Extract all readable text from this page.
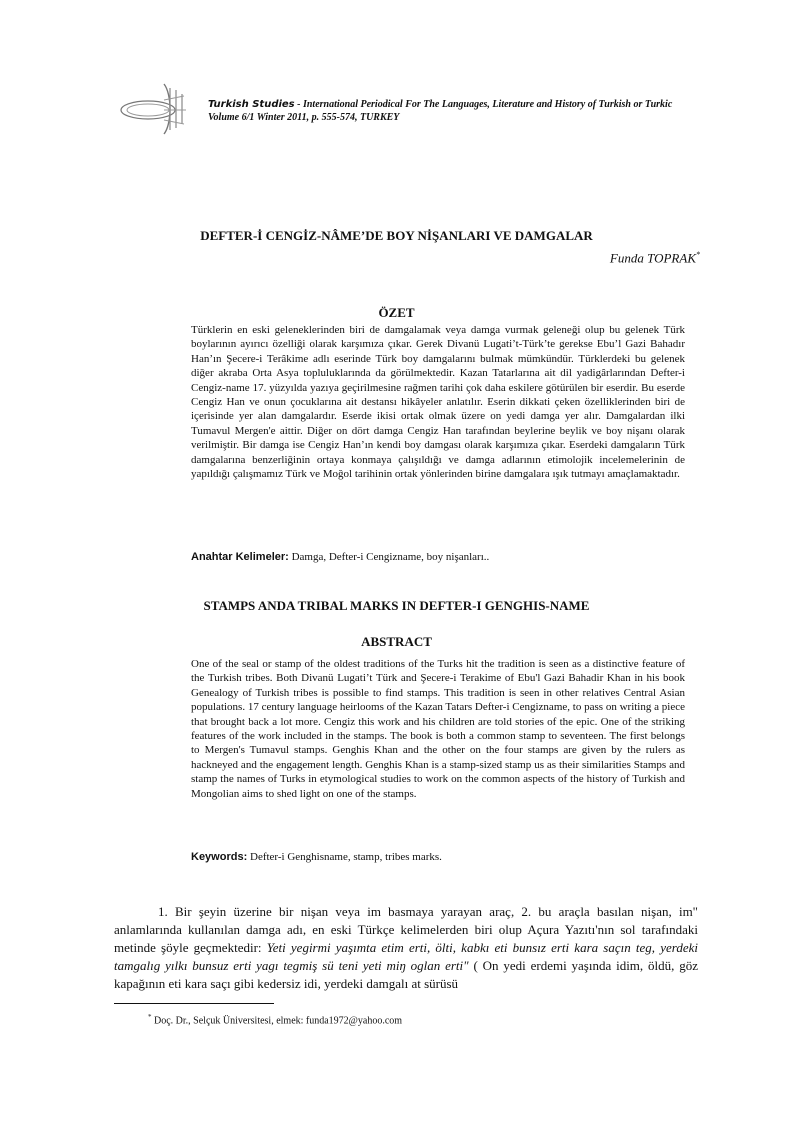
Turkish Studies - International Periodical For The Languages, Literature and History of Turkish or Turkic
Volume 6/1 Winter 2011, p. 555-574, TURKEY
DEFTER-İ CENGİZ-NÂME’DE BOY NİŞANLARI VE DAMGALAR
Funda TOPRAK*
ÖZET
Türklerin en eski geleneklerinden biri de damgalamak veya damga vurmak geleneği olup bu gelenek Türk boylarının ayırıcı özelliği olarak karşımıza çıkar. Gerek Divanü Lugati’t-Türk’te gerekse Ebu’l Gazi Bahadır Han’ın Şecere-i Terâkime adlı eserinde Türk boy damgalarını bulmak mümkündür. Türklerdeki bu gelenek diğer akraba Orta Asya topluluklarında da görülmektedir. Kazan Tatarlarına ait dil yadigârlarından Defter-i Cengiz-name 17. yüzyılda yazıya geçirilmesine rağmen tarihi çok daha eskilere götürülen bir eserdir. Bu eserde Cengiz Han ve onun çocuklarına ait destansı hikâyeler anlatılır. Eserin dikkati çeken özelliklerinden biri de içerisinde yer alan damgalardır. Eserde ikisi ortak olmak üzere on yedi damga yer alır. Damgalardan ilki Tumavul Mergen'e aittir. Diğer on dört damga Cengiz Han tarafından beylerine beylik ve boy nişanı olarak verilmiştir. Bir damga ise Cengiz Han’ın kendi boy damgası olarak karşımıza çıkar. Eserdeki damgaların Türk damgalarına benzerliğinin ortaya konmaya çalışıldığı ve damga adlarının etimolojik incelemelerinin de yapıldığı çalışmamız Türk ve Moğol tarihinin ortak yönlerinden birine damgalara ışık tutmayı amaçlamaktadır.
Anahtar Kelimeler: Damga, Defter-i Cengizname, boy nişanları..
STAMPS ANDA TRIBAL MARKS IN DEFTER-I GENGHIS-NAME
ABSTRACT
One of the seal or stamp of the oldest traditions of the Turks hit the tradition is seen as a distinctive feature of the Turkish tribes. Both Divanü Lugati’t Türk and Şecere-i Terakime of Ebu'l Gazi Bahadir Khan in his book Genealogy of Turkish tribes is possible to find stamps. This tradition is seen in other relatives Central Asian populations. 17 century language heirlooms of the Kazan Tatars Defter-i Cengizname, to pass on writing a piece that brought back a lot more. Cengiz this work and his children are told stories of the epic. One of the striking features of the work included in the stamps. The book is both a common stamp to seventeen. The first belongs to Mergen's Tumavul stamps. Genghis Khan and the other on the four stamps are given by the rulers as hackneyed and the engagement length. Genghis Khan is a stamp-sized stamp us as their similarities Stamps and stamp the names of Turks in etymological studies to work on the common aspects of the history of Turkish and Mongolian aims to shed light on one of the stamps.
Keywords: Defter-i Genghisname, stamp, tribes marks.
1. Bir şeyin üzerine bir nişan veya im basmaya yarayan araç, 2. bu araçla basılan nişan, im" anlamlarında kullanılan damga adı, en eski Türkçe kelimelerden biri olup Açura Yazıtı'nın sol tarafındaki metinde şöyle geçmektedir: Yeti yegirmi yaşımta etim erti, ölti, kabkı eti bunsız erti kara saçın teg, yerdeki tamgalıg yılkı bunsuz erti yagı tegmiş sü teni yeti miŋ oglan erti" ( On yedi erdemi yaşında idim, öldü, göz kapağının eti kara saçı gibi kedersiz idi, yerdeki damgalı at sürüsü
* Doç. Dr., Selçuk Üniversitesi, elmek: funda1972@yahoo.com
